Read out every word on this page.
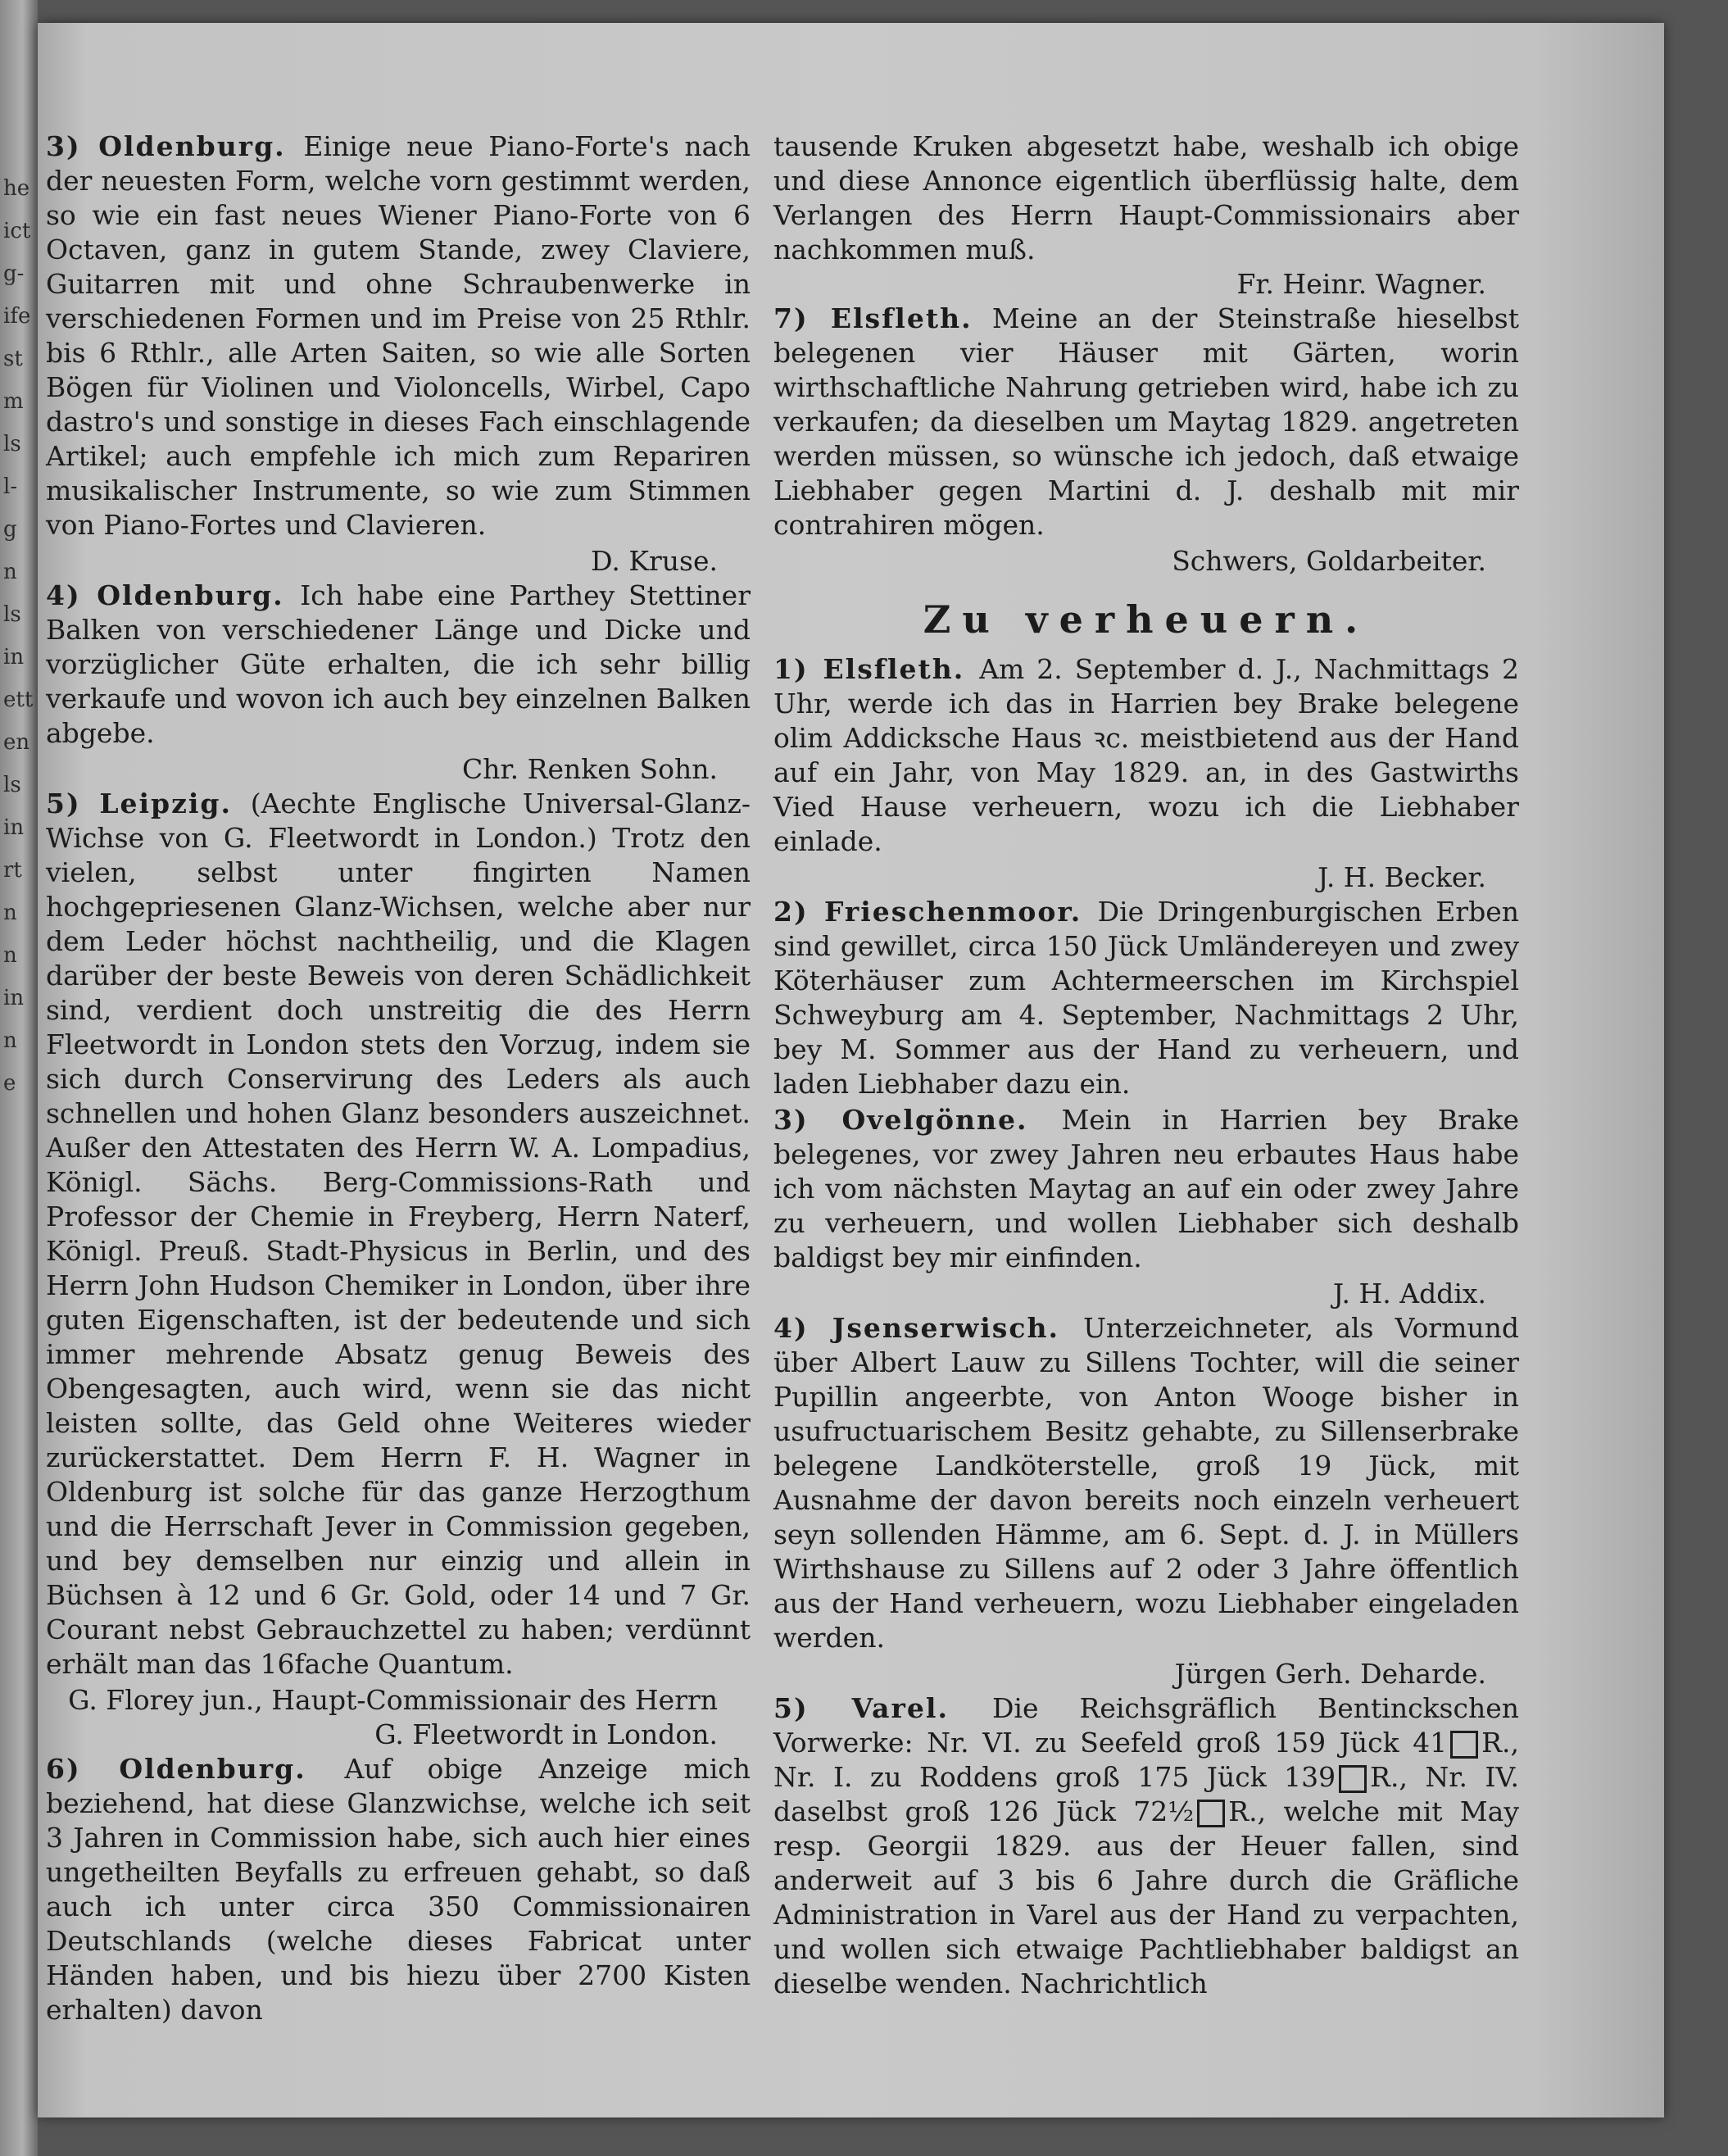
he
ict
g-
ife
st
m
ls
l-
g
n
ls
in
ett
en
ls
in
rt
n
n
in
n
e

3) Oldenburg. Einige neue Piano-Forte's nach der neuesten Form, welche vorn gestimmt werden, so wie ein fast neues Wiener Piano-Forte von 6 Octaven, ganz in gutem Stande, zwey Claviere, Guitarren mit und ohne Schraubenwerke in verschiedenen Formen und im Preise von 25 Rthlr. bis 6 Rthlr., alle Arten Saiten, so wie alle Sorten Bögen für Violinen und Violoncells, Wirbel, Capo dastro's und sonstige in dieses Fach einschlagende Artikel; auch empfehle ich mich zum Repariren musikalischer Instrumente, so wie zum Stimmen von Piano-Fortes und Clavieren.

D. Kruse.

4) Oldenburg. Ich habe eine Parthey Stettiner Balken von verschiedener Länge und Dicke und vorzüglicher Güte erhalten, die ich sehr billig verkaufe und wovon ich auch bey einzelnen Balken abgebe.

Chr. Renken Sohn.

5) Leipzig. (Aechte Englische Universal-Glanz-Wichse von G. Fleetwordt in London.) Trotz den vielen, selbst unter fingirten Namen hochgepriesenen Glanz-Wichsen, welche aber nur dem Leder höchst nachtheilig, und die Klagen darüber der beste Beweis von deren Schädlichkeit sind, verdient doch unstreitig die des Herrn Fleetwordt in London stets den Vorzug, indem sie sich durch Conservirung des Leders als auch schnellen und hohen Glanz besonders auszeichnet. Außer den Attestaten des Herrn W. A. Lompadius, Königl. Sächs. Berg-Commissions-Rath und Professor der Chemie in Freyberg, Herrn Naterf, Königl. Preuß. Stadt-Physicus in Berlin, und des Herrn John Hudson Chemiker in London, über ihre guten Eigenschaften, ist der bedeutende und sich immer mehrende Absatz genug Beweis des Obengesagten, auch wird, wenn sie das nicht leisten sollte, das Geld ohne Weiteres wieder zurückerstattet. Dem Herrn F. H. Wagner in Oldenburg ist solche für das ganze Herzogthum und die Herrschaft Jever in Commission gegeben, und bey demselben nur einzig und allein in Büchsen à 12 und 6 Gr. Gold, oder 14 und 7 Gr. Courant nebst Gebrauchzettel zu haben; verdünnt erhält man das 16fache Quantum.

G. Florey jun., Haupt-Commissionair des Herrn G. Fleetwordt in London.

6) Oldenburg. Auf obige Anzeige mich beziehend, hat diese Glanzwichse, welche ich seit 3 Jahren in Commission habe, sich auch hier eines ungetheilten Beyfalls zu erfreuen gehabt, so daß auch ich unter circa 350 Commissionairen Deutschlands (welche dieses Fabricat unter Händen haben, und bis hiezu über 2700 Kisten erhalten) davon

tausende Kruken abgesetzt habe, weshalb ich obige und diese Annonce eigentlich überflüssig halte, dem Verlangen des Herrn Haupt-Commissionairs aber nachkommen muß.

Fr. Heinr. Wagner.

7) Elsfleth. Meine an der Steinstraße hieselbst belegenen vier Häuser mit Gärten, worin wirthschaftliche Nahrung getrieben wird, habe ich zu verkaufen; da dieselben um Maytag 1829. angetreten werden müssen, so wünsche ich jedoch, daß etwaige Liebhaber gegen Martini d. J. deshalb mit mir contrahiren mögen.

Schwers, Goldarbeiter.

Zu verheuern.

1) Elsfleth. Am 2. September d. J., Nachmittags 2 Uhr, werde ich das in Harrien bey Brake belegene olim Addicksche Haus ꝛc. meistbietend aus der Hand auf ein Jahr, von May 1829. an, in des Gastwirths Vied Hause verheuern, wozu ich die Liebhaber einlade.

J. H. Becker.

2) Frieschenmoor. Die Dringenburgischen Erben sind gewillet, circa 150 Jück Umländereyen und zwey Köterhäuser zum Achtermeerschen im Kirchspiel Schweyburg am 4. September, Nachmittags 2 Uhr, bey M. Sommer aus der Hand zu verheuern, und laden Liebhaber dazu ein.

3) Ovelgönne. Mein in Harrien bey Brake belegenes, vor zwey Jahren neu erbautes Haus habe ich vom nächsten Maytag an auf ein oder zwey Jahre zu verheuern, und wollen Liebhaber sich deshalb baldigst bey mir einfinden.

J. H. Addix.

4) Jsenserwisch. Unterzeichneter, als Vormund über Albert Lauw zu Sillens Tochter, will die seiner Pupillin angeerbte, von Anton Wooge bisher in usufructuarischem Besitz gehabte, zu Sillenserbrake belegene Landköterstelle, groß 19 Jück, mit Ausnahme der davon bereits noch einzeln verheuert seyn sollenden Hämme, am 6. Sept. d. J. in Müllers Wirthshause zu Sillens auf 2 oder 3 Jahre öffentlich aus der Hand verheuern, wozu Liebhaber eingeladen werden.

Jürgen Gerh. Deharde.

5) Varel. Die Reichsgräflich Bentinckschen Vorwerke: Nr. VI. zu Seefeld groß 159 Jück 41 R., Nr. I. zu Roddens groß 175 Jück 139 R., Nr. IV. daselbst groß 126 Jück 72½ R., welche mit May resp. Georgii 1829. aus der Heuer fallen, sind anderweit auf 3 bis 6 Jahre durch die Gräfliche Administration in Varel aus der Hand zu verpachten, und wollen sich etwaige Pachtliebhaber baldigst an dieselbe wenden. Nachrichtlich
